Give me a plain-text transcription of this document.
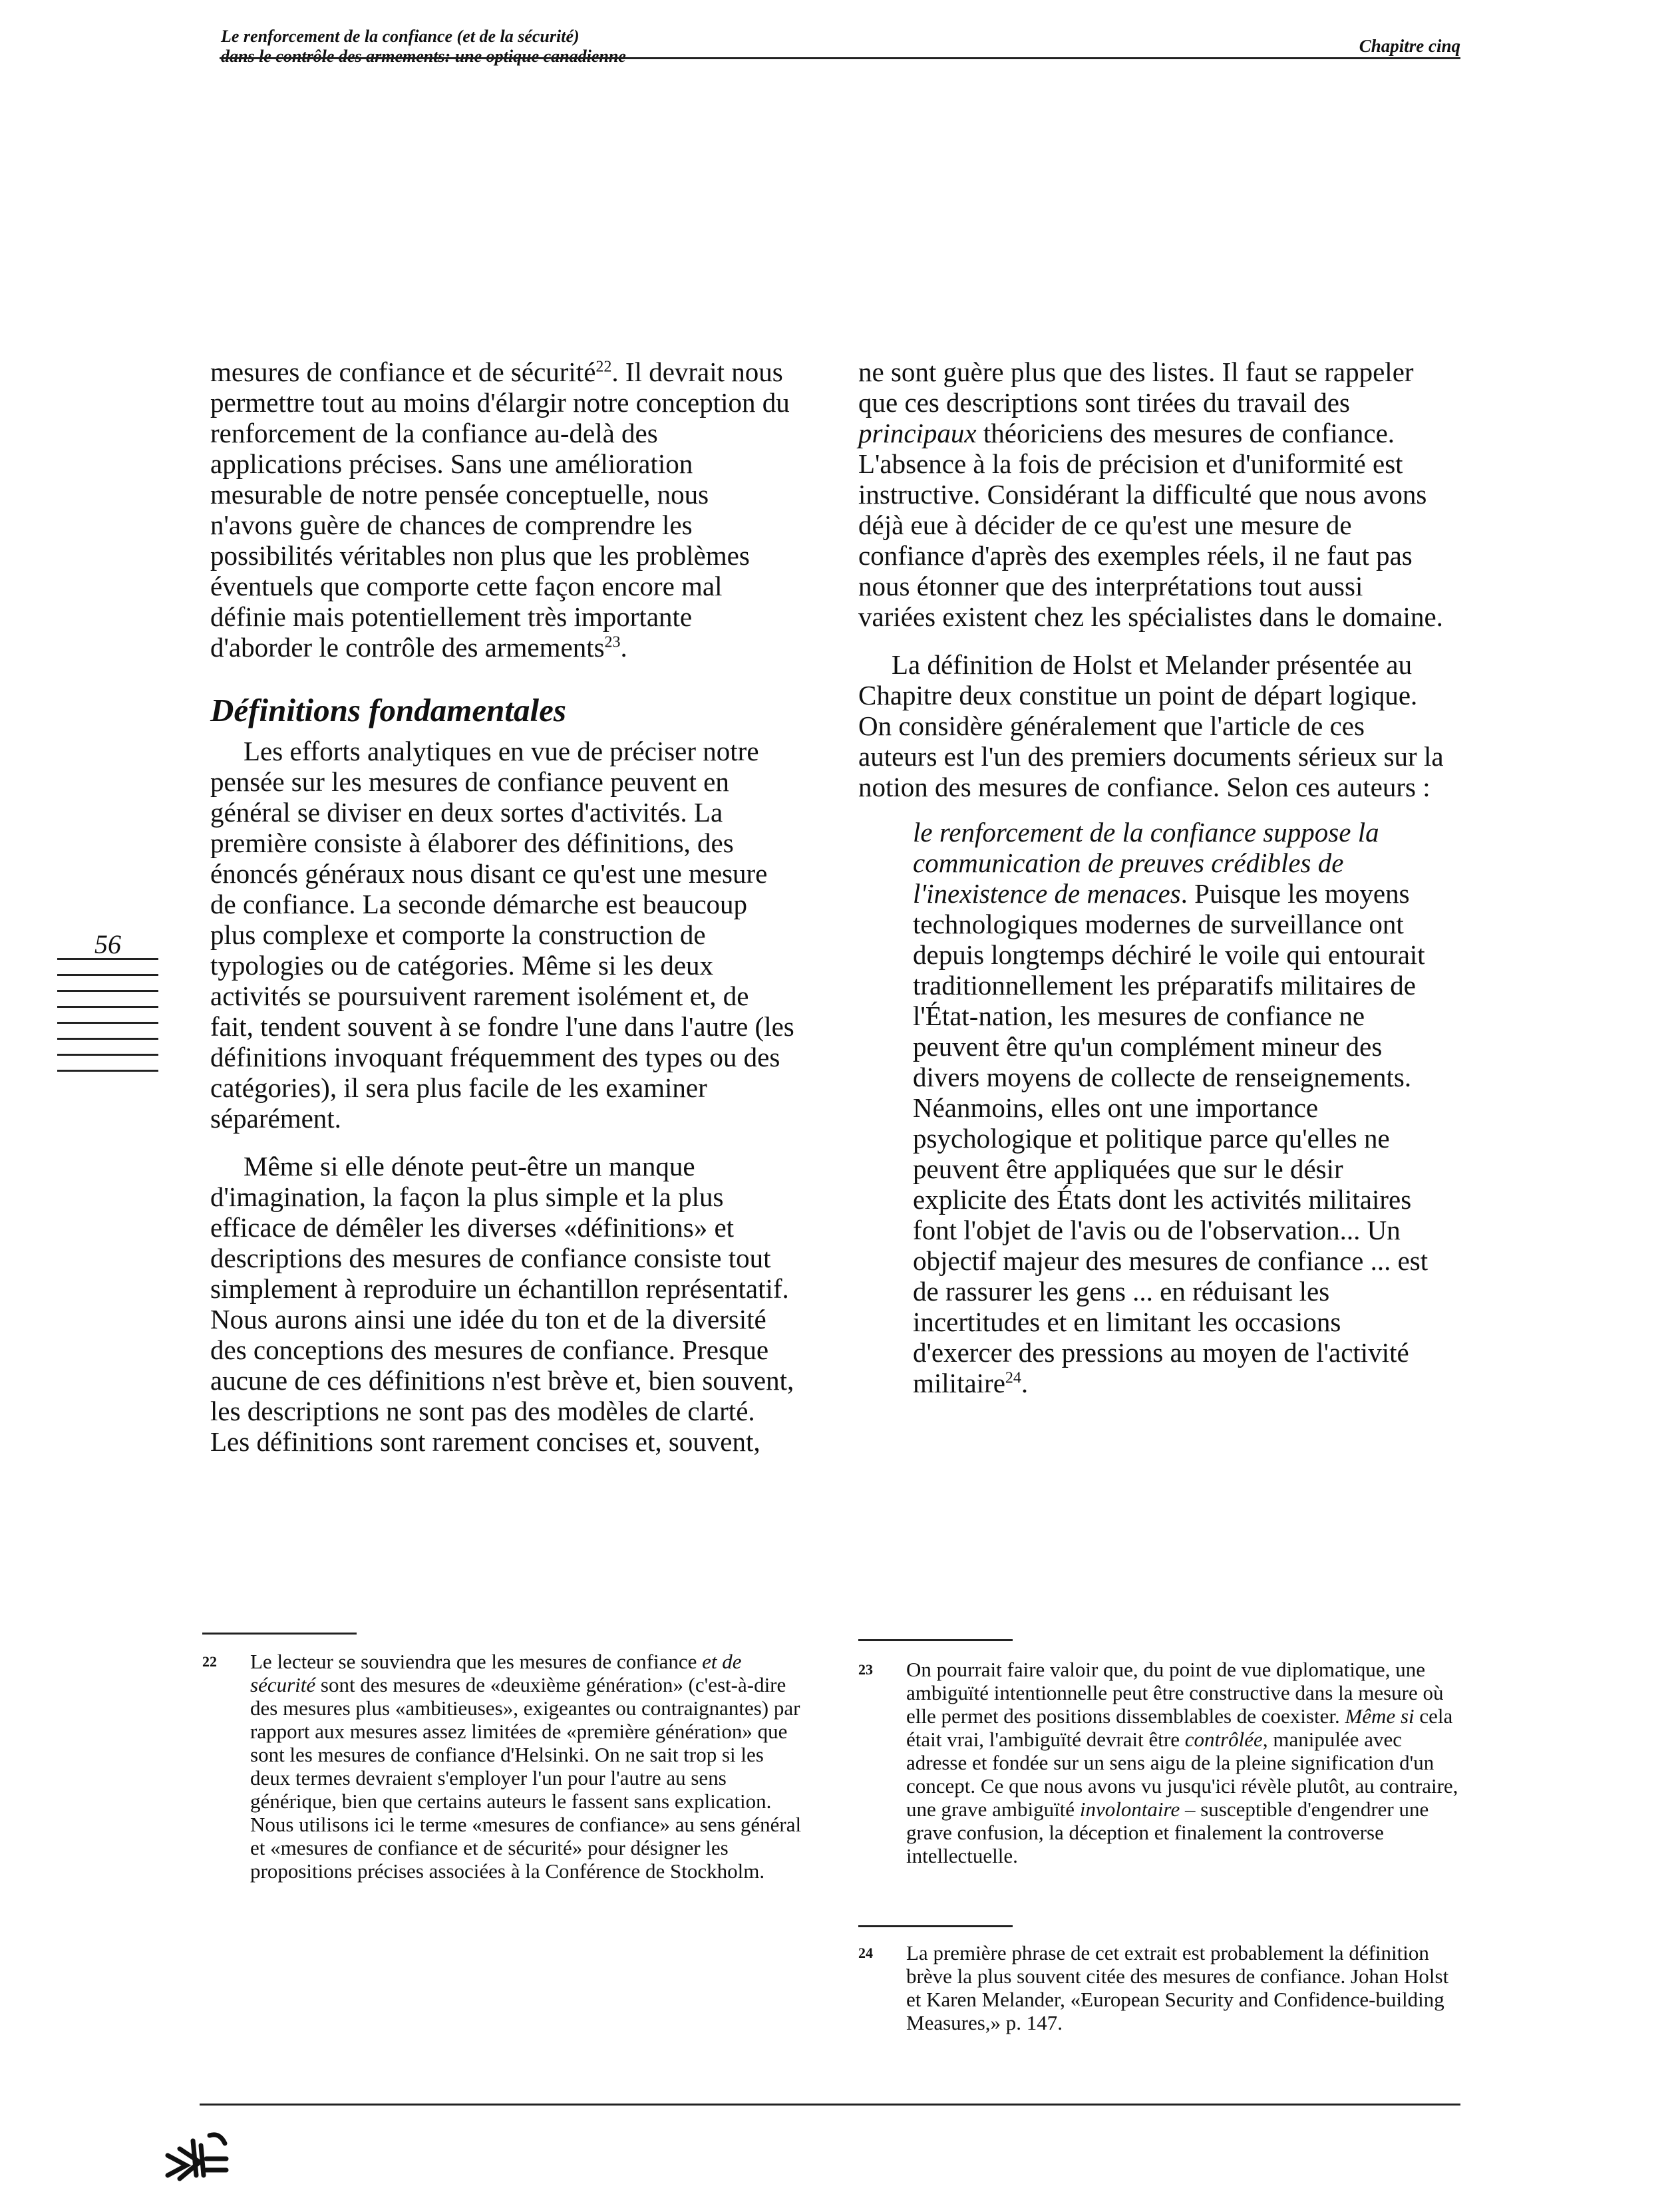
Le renforcement de la confiance (et de la sécurité)
dans le contrôle des armements: une optique canadienne
Chapitre cinq
56

mesures de confiance et de sécurité$^{22}$. Il devrait nous permettre tout au moins d'élargir notre conception du renforcement de la confiance au-delà des applications précises. Sans une amélioration mesurable de notre pensée conceptuelle, nous n'avons guère de chances de comprendre les possibilités véritables non plus que les problèmes éventuels que comporte cette façon encore mal définie mais potentiellement très importante d'aborder le contrôle des armements$^{23}$.

Définitions fondamentales

Les efforts analytiques en vue de préciser notre pensée sur les mesures de confiance peuvent en général se diviser en deux sortes d'activités. La première consiste à élaborer des définitions, des énoncés généraux nous disant ce qu'est une mesure de confiance. La seconde démarche est beaucoup plus complexe et comporte la construction de typologies ou de catégories. Même si les deux activités se poursuivent rarement isolément et, de fait, tendent souvent à se fondre l'une dans l'autre (les définitions invoquant fréquemment des types ou des catégories), il sera plus facile de les examiner séparément.

Même si elle dénote peut-être un manque d'imagination, la façon la plus simple et la plus efficace de démêler les diverses «définitions» et descriptions des mesures de confiance consiste tout simplement à reproduire un échantillon représentatif. Nous aurons ainsi une idée du ton et de la diversité des conceptions des mesures de confiance. Presque aucune de ces définitions n'est brève et, bien souvent, les descriptions ne sont pas des modèles de clarté. Les définitions sont rarement concises et, souvent,

ne sont guère plus que des listes. Il faut se rappeler que ces descriptions sont tirées du travail des principaux théoriciens des mesures de confiance. L'absence à la fois de précision et d'uniformité est instructive. Considérant la difficulté que nous avons déjà eue à décider de ce qu'est une mesure de confiance d'après des exemples réels, il ne faut pas nous étonner que des interprétations tout aussi variées existent chez les spécialistes dans le domaine.

La définition de Holst et Melander présentée au Chapitre deux constitue un point de départ logique. On considère généralement que l'article de ces auteurs est l'un des premiers documents sérieux sur la notion des mesures de confiance. Selon ces auteurs :

le renforcement de la confiance suppose la communication de preuves crédibles de l'inexistence de menaces. Puisque les moyens technologiques modernes de surveillance ont depuis longtemps déchiré le voile qui entourait traditionnellement les préparatifs militaires de l'État-nation, les mesures de confiance ne peuvent être qu'un complément mineur des divers moyens de collecte de renseignements. Néanmoins, elles ont une importance psychologique et politique parce qu'elles ne peuvent être appliquées que sur le désir explicite des États dont les activités militaires font l'objet de l'avis ou de l'observation... Un objectif majeur des mesures de confiance ... est de rassurer les gens ... en réduisant les incertitudes et en limitant les occasions d'exercer des pressions au moyen de l'activité militaire$^{24}$.

22 Le lecteur se souviendra que les mesures de confiance et de sécurité sont des mesures de «deuxième génération» (c'est-à-dire des mesures plus «ambitieuses», exigeantes ou contraignantes) par rapport aux mesures assez limitées de «première génération» que sont les mesures de confiance d'Helsinki. On ne sait trop si les deux termes devraient s'employer l'un pour l'autre au sens générique, bien que certains auteurs le fassent sans explication. Nous utilisons ici le terme «mesures de confiance» au sens général et «mesures de confiance et de sécurité» pour désigner les propositions précises associées à la Conférence de Stockholm.
23 On pourrait faire valoir que, du point de vue diplomatique, une ambiguïté intentionnelle peut être constructive dans la mesure où elle permet des positions dissemblables de coexister. Même si cela était vrai, l'ambiguïté devrait être contrôlée, manipulée avec adresse et fondée sur un sens aigu de la pleine signification d'un concept. Ce que nous avons vu jusqu'ici révèle plutôt, au contraire, une grave ambiguïté involontaire – susceptible d'engendrer une grave confusion, la déception et finalement la controverse intellectuelle.
24 La première phrase de cet extrait est probablement la définition brève la plus souvent citée des mesures de confiance. Johan Holst et Karen Melander, «European Security and Confidence-building Measures,» p. 147.
